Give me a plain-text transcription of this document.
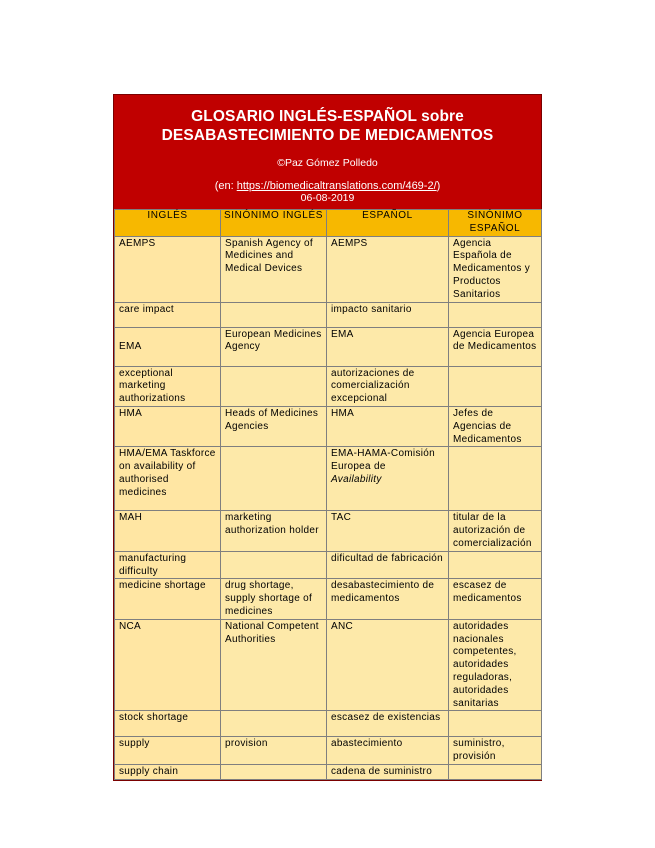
GLOSARIO INGLÉS-ESPAÑOL sobre
DESABASTECIMIENTO DE MEDICAMENTOS
©Paz Gómez Polledo
(en: https://biomedicaltranslations.com/469-2/)
06-08-2019
INGLÉS	SINÓNIMO INGLÉS	ESPAÑOL	SINÓNIMO ESPAÑOL
AEMPS	Spanish Agency of Medicines and Medical Devices	AEMPS	Agencia Española de Medicamentos y Productos Sanitarios
care impact		impacto sanitario	
EMA	European Medicines Agency	EMA	Agencia Europea de Medicamentos
exceptional marketing authorizations		autorizaciones de comercialización excepcional	
HMA	Heads of Medicines Agencies	HMA	Jefes de Agencias de Medicamentos
HMA/EMA Taskforce on availability of authorised medicines		EMA-HAMA-Comisión Europea de
Availability	
MAH	marketing authorization holder	TAC	titular de la autorización de comercialización
manufacturing difficulty		dificultad de fabricación	
medicine shortage	drug shortage, supply shortage of medicines	desabastecimiento de medicamentos	escasez de medicamentos
NCA	National Competent Authorities	ANC	autoridades nacionales competentes, autoridades reguladoras, autoridades sanitarias
stock shortage		escasez de existencias	
supply	provision	abastecimiento	suministro, provisión
supply chain		cadena de suministro	
